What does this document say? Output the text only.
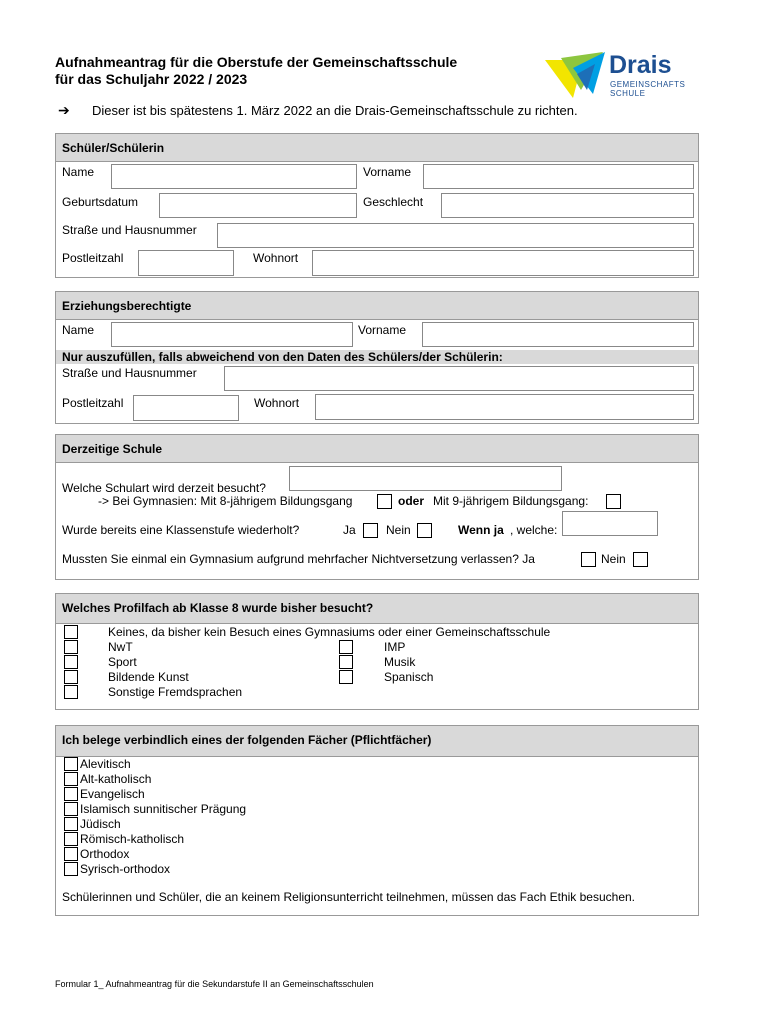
Aufnahmeantrag für die Oberstufe der Gemeinschaftsschule
für das Schuljahr 2022 / 2023	Drais
GEMEINSCHAFTS
SCHULE
➔ Dieser ist bis spätestens 1. März 2022 an die Drais-Gemeinschaftsschule zu richten.
Schüler/Schülerin
Name	Vorname
Geburtsdatum	Geschlecht
Straße und Hausnummer
Postleitzahl	Wohnort
Erziehungsberechtigte
Name	Vorname
Nur auszufüllen, falls abweichend von den Daten des Schülers/der Schülerin:
Straße und Hausnummer
Postleitzahl	Wohnort
Derzeitige Schule
Welche Schulart wird derzeit besucht?
-> Bei Gymnasien: Mit 8-jährigem Bildungsgang	oder Mit 9-jährigem Bildungsgang:
Wurde bereits eine Klassenstufe wiederholt?	Ja	Nein	Wenn ja , welche:
Mussten Sie einmal ein Gymnasium aufgrund mehrfacher Nichtversetzung verlassen? Ja	Nein
Welches Profilfach ab Klasse 8 wurde bisher besucht?
Keines, da bisher kein Besuch eines Gymnasiums oder einer Gemeinschaftsschule
NwT	IMP
Sport	Musik
Bildende Kunst	Spanisch
Sonstige Fremdsprachen
Ich belege verbindlich eines der folgenden Fächer (Pflichtfächer)
Alevitisch
Alt-katholisch
Evangelisch
Islamisch sunnitischer Prägung
Jüdisch
Römisch-katholisch
Orthodox
Syrisch-orthodox
Schülerinnen und Schüler, die an keinem Religionsunterricht teilnehmen, müssen das Fach Ethik besuchen.
Formular 1_ Aufnahmeantrag für die Sekundarstufe II an Gemeinschaftsschulen
